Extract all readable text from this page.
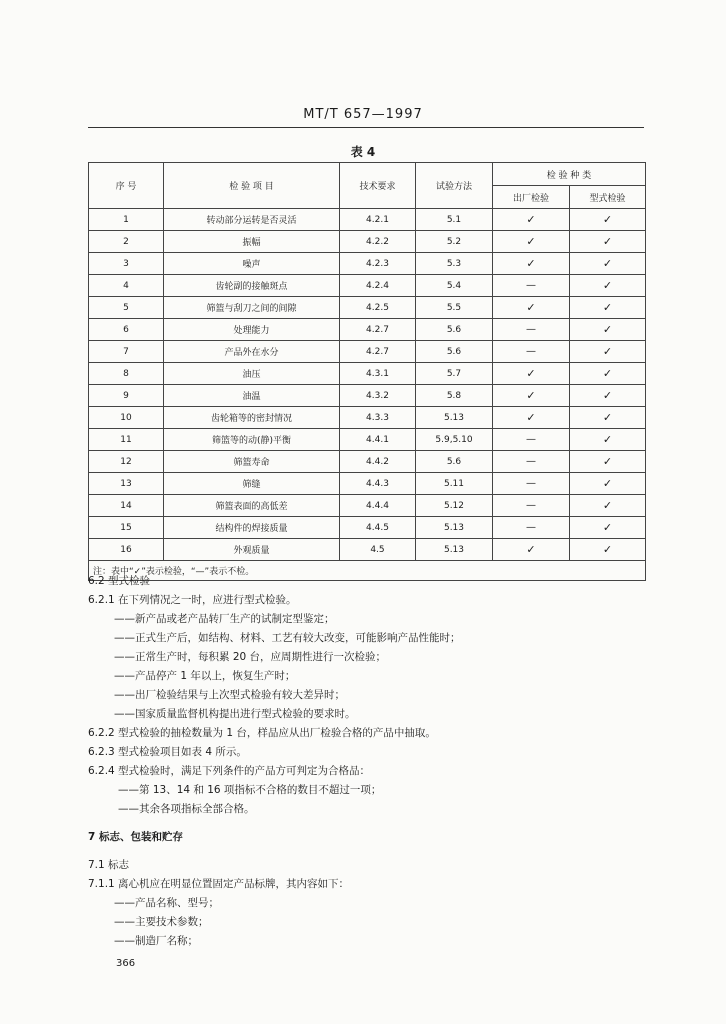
MT/T 657—1997
表 4
序 号	检 验 项 目	技术要求	试验方法	检 验 种 类	
				出厂检验	型式检验
1	转动部分运转是否灵活	4.2.1	5.1	✓	✓
2	振幅	4.2.2	5.2	✓	✓
3	噪声	4.2.3	5.3	✓	✓
4	齿轮副的接触斑点	4.2.4	5.4	—	✓
5	筛篮与刮刀之间的间隙	4.2.5	5.5	✓	✓
6	处理能力	4.2.7	5.6	—	✓
7	产品外在水分	4.2.7	5.6	—	✓
8	油压	4.3.1	5.7	✓	✓
9	油温	4.3.2	5.8	✓	✓
10	齿轮箱等的密封情况	4.3.3	5.13	✓	✓
11	筛篮等的动(静)平衡	4.4.1	5.9,5.10	—	✓
12	筛篮寿命	4.4.2	5.6	—	✓
13	筛缝	4.4.3	5.11	—	✓
14	筛篮表面的高低差	4.4.4	5.12	—	✓
15	结构件的焊接质量	4.4.5	5.13	—	✓
16	外观质量	4.5	5.13	✓	✓
注：表中“✓”表示检验，“—”表示不检。					
6.2 型式检验
6.2.1 在下列情况之一时，应进行型式检验。
——新产品或老产品转厂生产的试制定型鉴定；
——正式生产后，如结构、材料、工艺有较大改变，可能影响产品性能时；
——正常生产时，每积累 20 台，应周期性进行一次检验；
——产品停产 1 年以上，恢复生产时；
——出厂检验结果与上次型式检验有较大差异时；
——国家质量监督机构提出进行型式检验的要求时。
6.2.2 型式检验的抽检数量为 1 台，样品应从出厂检验合格的产品中抽取。
6.2.3 型式检验项目如表 4 所示。
6.2.4 型式检验时，满足下列条件的产品方可判定为合格品：
——第 13、14 和 16 项指标不合格的数目不超过一项；
——其余各项指标全部合格。
7 标志、包装和贮存
7.1 标志
7.1.1 离心机应在明显位置固定产品标牌，其内容如下：
——产品名称、型号；
——主要技术参数；
——制造厂名称；
366
